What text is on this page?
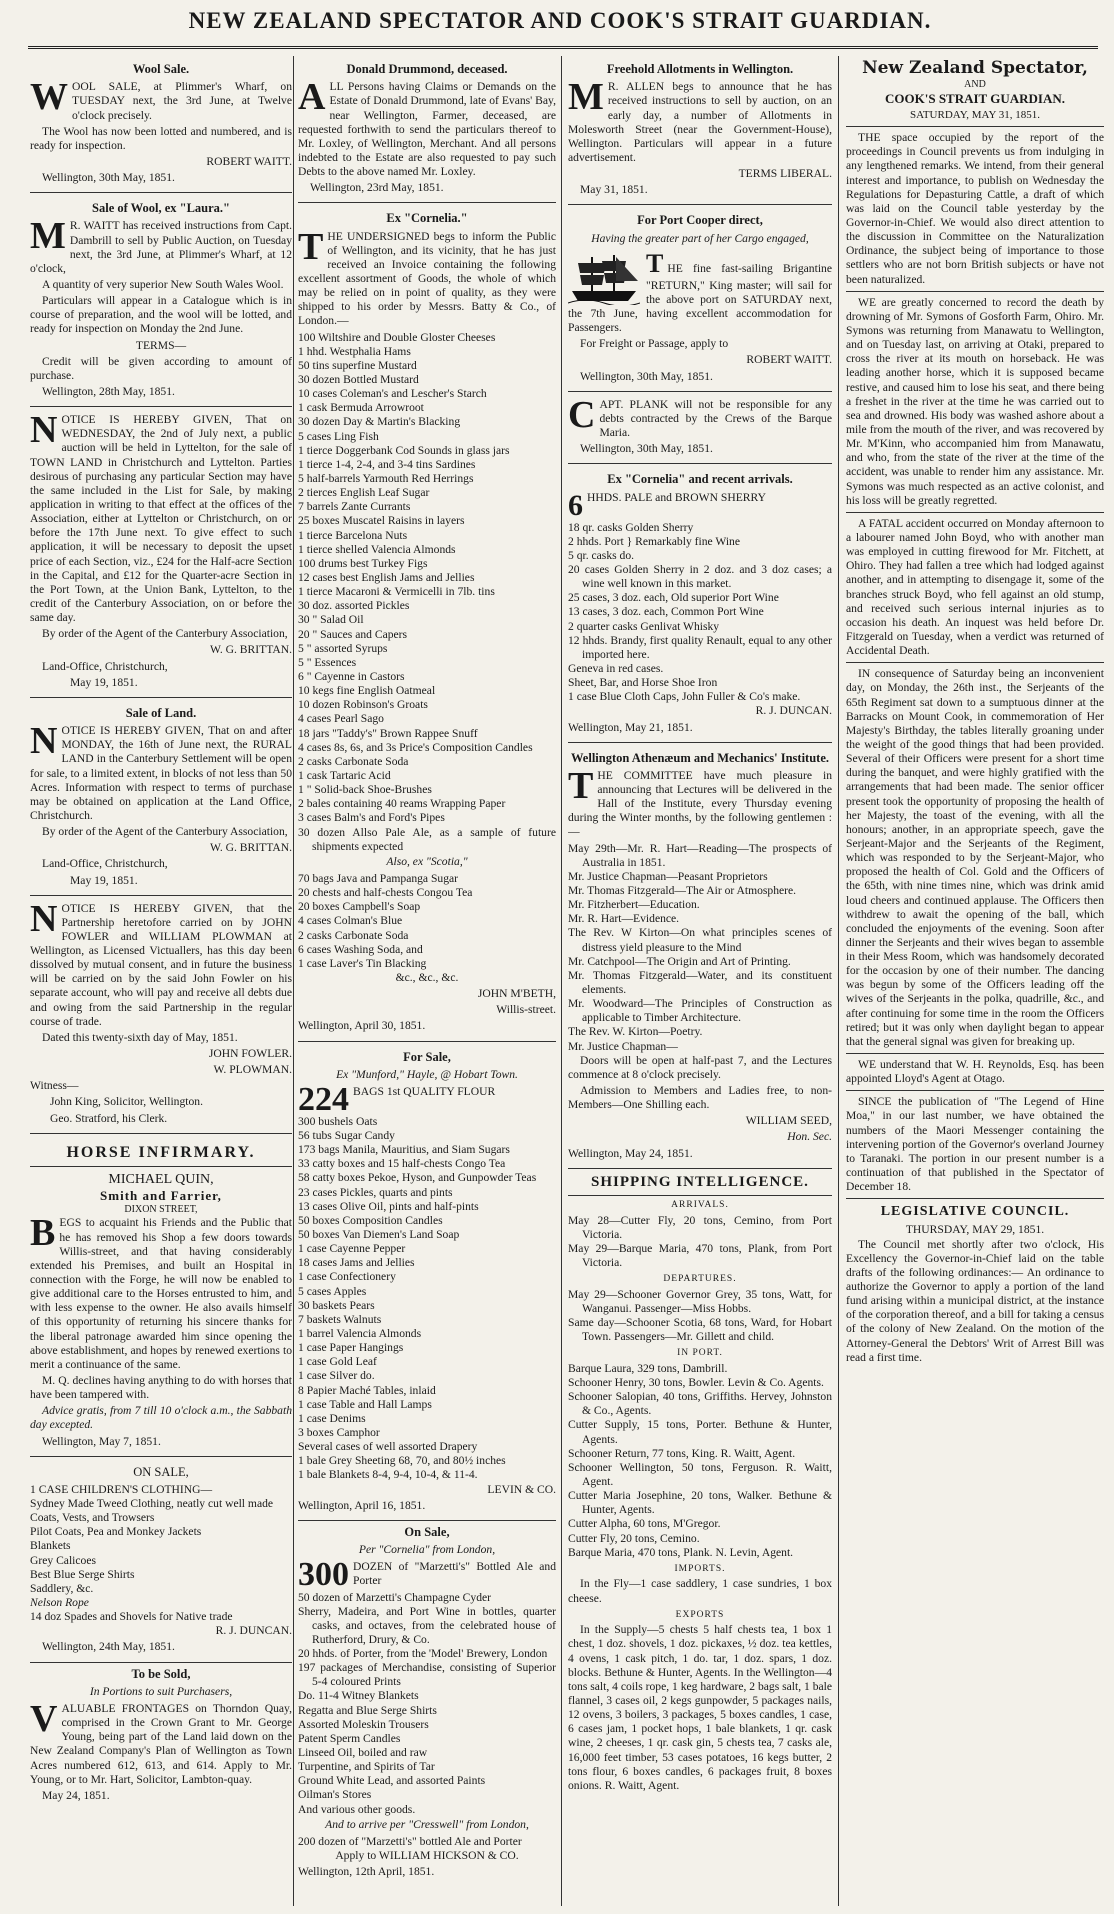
NEW ZEALAND SPECTATOR AND COOK'S STRAIT GUARDIAN.
Wool Sale.

WOOL SALE, at Plimmer's Wharf, on TUESDAY next, the 3rd June, at Twelve o'clock precisely.

The Wool has now been lotted and numbered, and is ready for inspection.

ROBERT WAITT.

Wellington, 30th May, 1851.

Sale of Wool, ex "Laura."

M R. WAITT has received instructions from Capt. Dambrill to sell by Public Auction, on Tuesday next, the 3rd June, at Plimmer's Wharf, at 12 o'clock,

A quantity of very superior New South Wales Wool.

Particulars will appear in a Catalogue which is in course of preparation, and the wool will be lotted, and ready for inspection on Monday the 2nd June.

TERMS—

Credit will be given according to amount of purchase.

Wellington, 28th May, 1851.

NOTICE IS HEREBY GIVEN, That on WEDNESDAY, the 2nd of July next, a public auction will be held in Lyttelton, for the sale of TOWN LAND in Christchurch and Lyttelton. Parties desirous of purchasing any particular Section may have the same included in the List for Sale, by making application in writing to that effect at the offices of the Association, either at Lyttelton or Christchurch, on or before the 17th June next. To give effect to such application, it will be necessary to deposit the upset price of each Section, viz., £24 for the Half-acre Section in the Capital, and £12 for the Quarter-acre Section in the Port Town, at the Union Bank, Lyttelton, to the credit of the Canterbury Association, on or before the same day.

By order of the Agent of the Canterbury Association,

W. G. BRITTAN.

Land-Office, Christchurch,

May 19, 1851.

Sale of Land.

NOTICE IS HEREBY GIVEN, That on and after MONDAY, the 16th of June next, the RURAL LAND in the Canterbury Settlement will be open for sale, to a limited extent, in blocks of not less than 50 Acres. Information with respect to terms of purchase may be obtained on application at the Land Office, Christchurch.

By order of the Agent of the Canterbury Association,

W. G. BRITTAN.

Land-Office, Christchurch,

May 19, 1851.

NOTICE IS HEREBY GIVEN, that the Partnership heretofore carried on by JOHN FOWLER and WILLIAM PLOWMAN at Wellington, as Licensed Victuallers, has this day been dissolved by mutual consent, and in future the business will be carried on by the said John Fowler on his separate account, who will pay and receive all debts due and owing from the said Partnership in the regular course of trade.

Dated this twenty-sixth day of May, 1851.

JOHN FOWLER.

W. PLOWMAN.

Witness—

John King, Solicitor, Wellington.

Geo. Stratford, his Clerk.

HORSE INFIRMARY.
MICHAEL QUIN,
Smith and Farrier,
DIXON STREET,

BEGS to acquaint his Friends and the Public that he has removed his Shop a few doors towards Willis-street, and that having considerably extended his Premises, and built an Hospital in connection with the Forge, he will now be enabled to give additional care to the Horses entrusted to him, and with less expense to the owner. He also avails himself of this opportunity of returning his sincere thanks for the liberal patronage awarded him since opening the above establishment, and hopes by renewed exertions to merit a continuance of the same.

M. Q. declines having anything to do with horses that have been tampered with.

Advice gratis, from 7 till 10 o'clock a.m., the Sabbath day excepted.

Wellington, May 7, 1851.

ON SALE,

1 CASE CHILDREN'S CLOTHING—

Sydney Made Tweed Clothing, neatly cut well made

Coats, Vests, and Trowsers

Pilot Coats, Pea and Monkey Jackets

Blankets

Grey Calicoes

Best Blue Serge Shirts

Saddlery, &c.

Nelson Rope

14 doz Spades and Shovels for Native trade

R. J. DUNCAN.

Wellington, 24th May, 1851.

To be Sold,
In Portions to suit Purchasers,

VALUABLE FRONTAGES on Thorndon Quay, comprised in the Crown Grant to Mr. George Young, being part of the Land laid down on the New Zealand Company's Plan of Wellington as Town Acres numbered 612, 613, and 614. Apply to Mr. Young, or to Mr. Hart, Solicitor, Lambton-quay.

May 24, 1851.

Donald Drummond, deceased.

ALL Persons having Claims or Demands on the Estate of Donald Drummond, late of Evans' Bay, near Wellington, Farmer, deceased, are requested forthwith to send the particulars thereof to Mr. Loxley, of Wellington, Merchant. And all persons indebted to the Estate are also requested to pay such Debts to the above named Mr. Loxley.

Wellington, 23rd May, 1851.

Ex "Cornelia."

THE UNDERSIGNED begs to inform the Public of Wellington, and its vicinity, that he has just received an Invoice containing the following excellent assortment of Goods, the whole of which may be relied on in point of quality, as they were shipped to his order by Messrs. Batty & Co., of London.—

100 Wiltshire and Double Gloster Cheeses

1 hhd. Westphalia Hams

50 tins superfine Mustard

30 dozen Bottled Mustard

10 cases Coleman's and Lescher's Starch

1 cask Bermuda Arrowroot

30 dozen Day & Martin's Blacking

5 cases Ling Fish

1 tierce Doggerbank Cod Sounds in glass jars

1 tierce 1-4, 2-4, and 3-4 tins Sardines

5 half-barrels Yarmouth Red Herrings

2 tierces English Leaf Sugar

7 barrels Zante Currants

25 boxes Muscatel Raisins in layers

1 tierce Barcelona Nuts

1 tierce shelled Valencia Almonds

100 drums best Turkey Figs

12 cases best English Jams and Jellies

1 tierce Macaroni & Vermicelli in 7lb. tins

30 doz. assorted Pickles

30 " Salad Oil

20 " Sauces and Capers

5 " assorted Syrups

5 " Essences

6 " Cayenne in Castors

10 kegs fine English Oatmeal

10 dozen Robinson's Groats

4 cases Pearl Sago

18 jars "Taddy's" Brown Rappee Snuff

4 cases 8s, 6s, and 3s Price's Composition Candles

2 casks Carbonate Soda

1 cask Tartaric Acid

1 " Solid-back Shoe-Brushes

2 bales containing 40 reams Wrapping Paper

3 cases Balm's and Ford's Pipes

30 dozen Allso Pale Ale, as a sample of future shipments expected

Also, ex "Scotia,"

70 bags Java and Pampanga Sugar

20 chests and half-chests Congou Tea

20 boxes Campbell's Soap

4 cases Colman's Blue

2 casks Carbonate Soda

6 cases Washing Soda, and

1 case Laver's Tin Blacking

&c., &c., &c.

JOHN M'BETH,

Willis-street.

Wellington, April 30, 1851.

For Sale,
Ex "Munford," Hayle, @ Hobart Town.

224 BAGS 1st QUALITY FLOUR

300 bushels Oats

56 tubs Sugar Candy

173 bags Manila, Mauritius, and Siam Sugars

33 catty boxes and 15 half-chests Congo Tea

58 catty boxes Pekoe, Hyson, and Gunpowder Teas

23 cases Pickles, quarts and pints

13 cases Olive Oil, pints and half-pints

50 boxes Composition Candles

50 boxes Van Diemen's Land Soap

1 case Cayenne Pepper

18 cases Jams and Jellies

1 case Confectionery

5 cases Apples

30 baskets Pears

7 baskets Walnuts

1 barrel Valencia Almonds

1 case Paper Hangings

1 case Gold Leaf

1 case Silver do.

8 Papier Maché Tables, inlaid

1 case Table and Hall Lamps

1 case Denims

3 boxes Camphor

Several cases of well assorted Drapery

1 bale Grey Sheeting 68, 70, and 80½ inches

1 bale Blankets 8-4, 9-4, 10-4, & 11-4.

LEVIN & CO.

Wellington, April 16, 1851.

On Sale,
Per "Cornelia" from London,

300 DOZEN of "Marzetti's" Bottled Ale and Porter

50 dozen of Marzetti's Champagne Cyder

Sherry, Madeira, and Port Wine in bottles, quarter casks, and octaves, from the celebrated house of Rutherford, Drury, & Co.

20 hhds. of Porter, from the 'Model' Brewery, London

197 packages of Merchandise, consisting of Superior 5-4 coloured Prints

Do. 11-4 Witney Blankets

Regatta and Blue Serge Shirts

Assorted Moleskin Trousers

Patent Sperm Candles

Linseed Oil, boiled and raw

Turpentine, and Spirits of Tar

Ground White Lead, and assorted Paints

Oilman's Stores

And various other goods.

And to arrive per "Cresswell" from London,

200 dozen of "Marzetti's" bottled Ale and Porter

Apply to WILLIAM HICKSON & CO.

Wellington, 12th April, 1851.

Freehold Allotments in Wellington.

M R. ALLEN begs to announce that he has received instructions to sell by auction, on an early day, a number of Allotments in Molesworth Street (near the Government-House), Wellington. Particulars will appear in a future advertisement.

TERMS LIBERAL.

May 31, 1851.

For Port Cooper direct,
Having the greater part of her Cargo engaged,

THE fine fast-sailing Brigantine "RETURN," King master; will sail for the above port on SATURDAY next, the 7th June, having excellent accommodation for Passengers.

For Freight or Passage, apply to

ROBERT WAITT.

Wellington, 30th May, 1851.

CAPT. PLANK will not be responsible for any debts contracted by the Crews of the Barque Maria.

Wellington, 30th May, 1851.

Ex "Cornelia" and recent arrivals.

6 HHDS. PALE and BROWN SHERRY

18 qr. casks Golden Sherry

2 hhds. Port } Remarkably fine Wine

5 qr. casks do.

20 cases Golden Sherry in 2 doz. and 3 doz cases; a wine well known in this market.

25 cases, 3 doz. each, Old superior Port Wine

13 cases, 3 doz. each, Common Port Wine

2 quarter casks Genlivat Whisky

12 hhds. Brandy, first quality Renault, equal to any other imported here.

Geneva in red cases.

Sheet, Bar, and Horse Shoe Iron

1 case Blue Cloth Caps, John Fuller & Co's make.

R. J. DUNCAN.

Wellington, May 21, 1851.

Wellington Athenæum and Mechanics' Institute.

THE COMMITTEE have much pleasure in announcing that Lectures will be delivered in the Hall of the Institute, every Thursday evening during the Winter months, by the following gentlemen :—

May 29th—Mr. R. Hart—Reading—The prospects of Australia in 1851.

Mr. Justice Chapman—Peasant Proprietors

Mr. Thomas Fitzgerald—The Air or Atmosphere.

Mr. Fitzherbert—Education.

Mr. R. Hart—Evidence.

The Rev. W Kirton—On what principles scenes of distress yield pleasure to the Mind

Mr. Catchpool—The Origin and Art of Printing.

Mr. Thomas Fitzgerald—Water, and its constituent elements.

Mr. Woodward—The Principles of Construction as applicable to Timber Architecture.

The Rev. W. Kirton—Poetry.

Mr. Justice Chapman—

Doors will be open at half-past 7, and the Lectures commence at 8 o'clock precisely.

Admission to Members and Ladies free, to non-Members—One Shilling each.

WILLIAM SEED,

Hon. Sec.

Wellington, May 24, 1851.

SHIPPING INTELLIGENCE.
ARRIVALS.

May 28—Cutter Fly, 20 tons, Cemino, from Port Victoria.

May 29—Barque Maria, 470 tons, Plank, from Port Victoria.

DEPARTURES.

May 29—Schooner Governor Grey, 35 tons, Watt, for Wanganui. Passenger—Miss Hobbs.

Same day—Schooner Scotia, 68 tons, Ward, for Hobart Town. Passengers—Mr. Gillett and child.

IN PORT.

Barque Laura, 329 tons, Dambrill.

Schooner Henry, 30 tons, Bowler. Levin & Co. Agents.

Schooner Salopian, 40 tons, Griffiths. Hervey, Johnston & Co., Agents.

Cutter Supply, 15 tons, Porter. Bethune & Hunter, Agents.

Schooner Return, 77 tons, King. R. Waitt, Agent.

Schooner Wellington, 50 tons, Ferguson. R. Waitt, Agent.

Cutter Maria Josephine, 20 tons, Walker. Bethune & Hunter, Agents.

Cutter Alpha, 60 tons, M'Gregor.

Cutter Fly, 20 tons, Cemino.

Barque Maria, 470 tons, Plank. N. Levin, Agent.

IMPORTS.

In the Fly—1 case saddlery, 1 case sundries, 1 box cheese.

EXPORTS

In the Supply—5 chests 5 half chests tea, 1 box 1 chest, 1 doz. shovels, 1 doz. pickaxes, ½ doz. tea kettles, 4 ovens, 1 cask pitch, 1 do. tar, 1 doz. spars, 1 doz. blocks. Bethune & Hunter, Agents. In the Wellington—4 tons salt, 4 coils rope, 1 keg hardware, 2 bags salt, 1 bale flannel, 3 cases oil, 2 kegs gunpowder, 5 packages nails, 12 ovens, 3 boilers, 3 packages, 5 boxes candles, 1 case, 6 cases jam, 1 pocket hops, 1 bale blankets, 1 qr. cask wine, 2 cheeses, 1 qr. cask gin, 5 chests tea, 7 casks ale, 16,000 feet timber, 53 cases potatoes, 16 kegs butter, 2 tons flour, 6 boxes candles, 6 packages fruit, 8 boxes onions. R. Waitt, Agent.

New Zealand Spectator,
AND
COOK'S STRAIT GUARDIAN.
SATURDAY, MAY 31, 1851.

THE space occupied by the report of the proceedings in Council prevents us from indulging in any lengthened remarks. We intend, from their general interest and importance, to publish on Wednesday the Regulations for Depasturing Cattle, a draft of which was laid on the Council table yesterday by the Governor-in-Chief. We would also direct attention to the discussion in Committee on the Naturalization Ordinance, the subject being of importance to those settlers who are not born British subjects or have not been naturalized.

WE are greatly concerned to record the death by drowning of Mr. Symons of Gosforth Farm, Ohiro. Mr. Symons was returning from Manawatu to Wellington, and on Tuesday last, on arriving at Otaki, prepared to cross the river at its mouth on horseback. He was leading another horse, which it is supposed became restive, and caused him to lose his seat, and there being a freshet in the river at the time he was carried out to sea and drowned. His body was washed ashore about a mile from the mouth of the river, and was recovered by Mr. M'Kinn, who accompanied him from Manawatu, and who, from the state of the river at the time of the accident, was unable to render him any assistance. Mr. Symons was much respected as an active colonist, and his loss will be greatly regretted.

A FATAL accident occurred on Monday afternoon to a labourer named John Boyd, who with another man was employed in cutting firewood for Mr. Fitchett, at Ohiro. They had fallen a tree which had lodged against another, and in attempting to disengage it, some of the branches struck Boyd, who fell against an old stump, and received such serious internal injuries as to occasion his death. An inquest was held before Dr. Fitzgerald on Tuesday, when a verdict was returned of Accidental Death.

IN consequence of Saturday being an inconvenient day, on Monday, the 26th inst., the Serjeants of the 65th Regiment sat down to a sumptuous dinner at the Barracks on Mount Cook, in commemoration of Her Majesty's Birthday, the tables literally groaning under the weight of the good things that had been provided. Several of their Officers were present for a short time during the banquet, and were highly gratified with the arrangements that had been made. The senior officer present took the opportunity of proposing the health of her Majesty, the toast of the evening, with all the honours; another, in an appropriate speech, gave the Serjeant-Major and the Serjeants of the Regiment, which was responded to by the Serjeant-Major, who proposed the health of Col. Gold and the Officers of the 65th, with nine times nine, which was drink amid loud cheers and continued applause. The Officers then withdrew to await the opening of the ball, which concluded the enjoyments of the evening. Soon after dinner the Serjeants and their wives began to assemble in their Mess Room, which was handsomely decorated for the occasion by one of their number. The dancing was begun by some of the Officers leading off the wives of the Serjeants in the polka, quadrille, &c., and after continuing for some time in the room the Officers retired; but it was only when daylight began to appear that the general signal was given for breaking up.

WE understand that W. H. Reynolds, Esq. has been appointed Lloyd's Agent at Otago.

SINCE the publication of "The Legend of Hine Moa," in our last number, we have obtained the numbers of the Maori Messenger containing the intervening portion of the Governor's overland Journey to Taranaki. The portion in our present number is a continuation of that published in the Spectator of December 18.

LEGISLATIVE COUNCIL.
THURSDAY, MAY 29, 1851.

The Council met shortly after two o'clock, His Excellency the Governor-in-Chief laid on the table drafts of the following ordinances:— An ordinance to authorize the Governor to apply a portion of the land fund arising within a municipal district, at the instance of the corporation thereof, and a bill for taking a census of the colony of New Zealand. On the motion of the Attorney-General the Debtors' Writ of Arrest Bill was read a first time.
